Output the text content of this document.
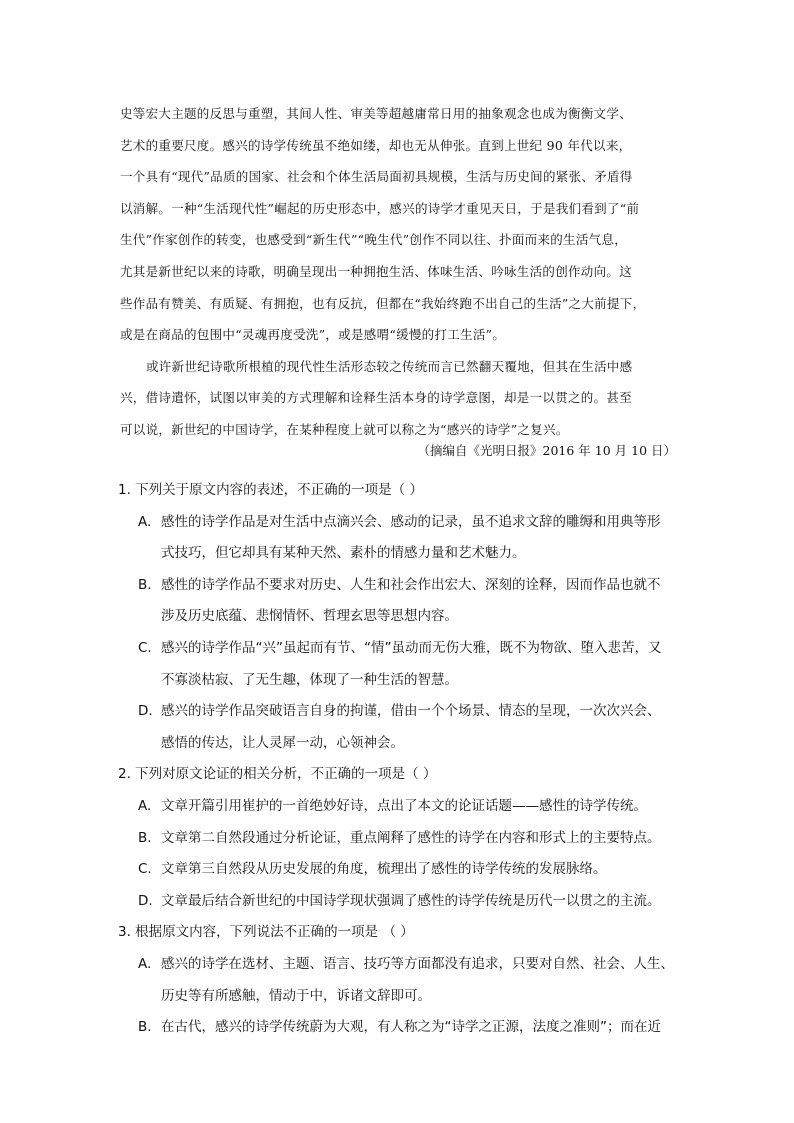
史等宏大主题的反思与重塑，其间人性、审美等超越庸常日用的抽象观念也成为衡衡文学、
艺术的重要尺度。感兴的诗学传统虽不绝如缕，却也无从伸张。直到上世纪 90 年代以来，
一个具有“现代”品质的国家、社会和个体生活局面初具规模，生活与历史间的紧张、矛盾得
以消解。一种“生活现代性”崛起的历史形态中，感兴的诗学才重见天日，于是我们看到了“前
生代”作家创作的转变，也感受到“新生代”“晚生代”创作不同以往、扑面而来的生活气息，
尤其是新世纪以来的诗歌，明确呈现出一种拥抱生活、体味生活、吟咏生活的创作动向。这
些作品有赞美、有质疑、有拥抱，也有反抗，但都在“我始终跑不出自己的生活”之大前提下，
或是在商品的包围中“灵魂再度受洗”，或是感喟“缓慢的打工生活”。
或许新世纪诗歌所根植的现代性生活形态较之传统而言已然翻天覆地，但其在生活中感
兴，借诗遣怀，试图以审美的方式理解和诠释生活本身的诗学意图，却是一以贯之的。甚至
可以说，新世纪的中国诗学，在某种程度上就可以称之为“感兴的诗学”之复兴。
（摘编自《光明日报》2016 年 10 月 10 日）
1. 下列关于原文内容的表述，不正确的一项是（ ）
A. 感性的诗学作品是对生活中点滴兴会、感动的记录，虽不追求文辞的雕缛和用典等形
式技巧，但它却具有某种天然、素朴的情感力量和艺术魅力。
B. 感性的诗学作品不要求对历史、人生和社会作出宏大、深刻的诠释，因而作品也就不
涉及历史底蕴、悲悯情怀、哲理玄思等思想内容。
C. 感兴的诗学作品“兴”虽起而有节、“情”虽动而无伤大雅，既不为物欲、堕入悲苦，又
不寡淡枯寂、了无生趣，体现了一种生活的智慧。
D. 感兴的诗学作品突破语言自身的拘谨，借由一个个场景、情态的呈现，一次次兴会、
感悟的传达，让人灵犀一动，心领神会。
2. 下列对原文论证的相关分析，不正确的一项是（ ）
A. 文章开篇引用崔护的一首绝妙好诗，点出了本文的论证话题——感性的诗学传统。
B. 文章第二自然段通过分析论证，重点阐释了感性的诗学在内容和形式上的主要特点。
C. 文章第三自然段从历史发展的角度，梳理出了感性的诗学传统的发展脉络。
D. 文章最后结合新世纪的中国诗学现状强调了感性的诗学传统是历代一以贯之的主流。
3. 根据原文内容，下列说法不正确的一项是 （ ）
A. 感兴的诗学在选材、主题、语言、技巧等方面都没有追求，只要对自然、社会、人生、
历史等有所感触，情动于中，诉诸文辞即可。
B. 在古代，感兴的诗学传统蔚为大观，有人称之为“诗学之正源，法度之准则”；而在近
